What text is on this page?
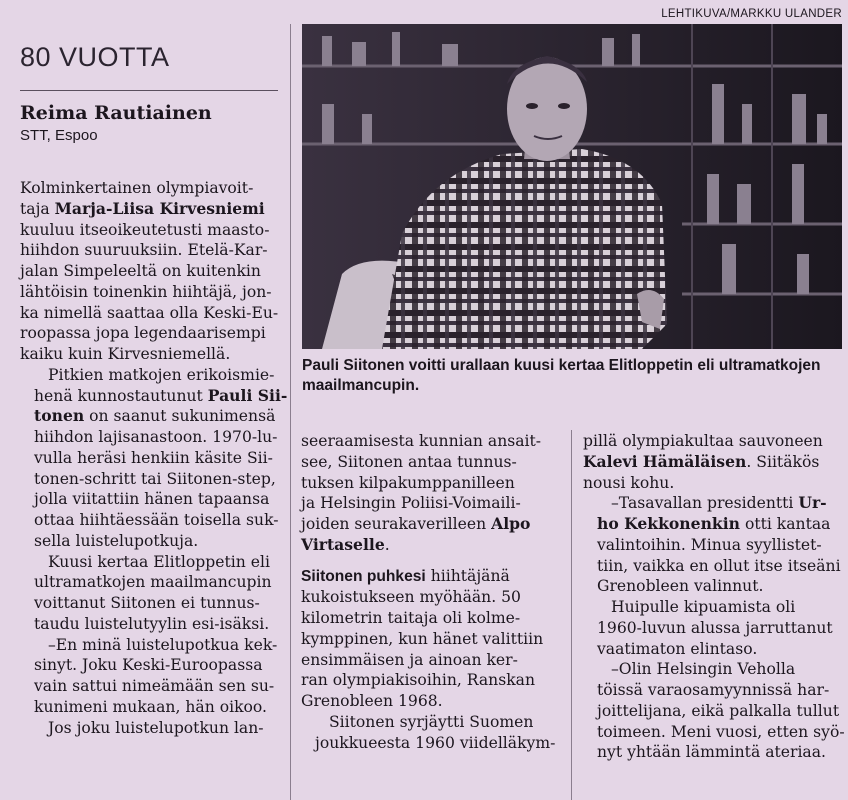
80 VUOTTA
Reima Rautiainen
STT, Espoo
LEHTIKUVA/MARKKU ULANDER
Pauli Siitonen voitti urallaan kuusi kertaa Elitloppetin eli ultramatkojen maailmancupin.

Kolminkertainen olympiavoit-
taja Marja-Liisa Kirvesniemi
kuuluu itseoikeutetusti maasto-
hiihdon suuruuksiin. Etelä-Kar-
jalan Simpeleeltä on kuitenkin
lähtöisin toinenkin hiihtäjä, jon-
ka nimellä saattaa olla Keski-Eu-
roopassa jopa legendaarisempi
kaiku kuin Kirvesniemellä.

Pitkien matkojen erikoismie-
henä kunnostautunut Pauli Sii-
tonen on saanut sukunimensä
hiihdon lajisanastoon. 1970-lu-
vulla heräsi henkiin käsite Sii-
tonen-schritt tai Siitonen-step,
jolla viitattiin hänen tapaansa
ottaa hiihtäessään toisella suk-
sella luistelupotkuja.

Kuusi kertaa Elitloppetin eli
ultramatkojen maailmancupin
voittanut Siitonen ei tunnus-
taudu luistelutyylin esi-isäksi.

–En minä luistelupotkua kek-
sinyt. Joku Keski-Euroopassa
vain sattui nimeämään sen su-
kunimeni mukaan, hän oikoo.

Jos joku luistelupotkun lan-

seeraamisesta kunnian ansait-
see, Siitonen antaa tunnus-
tuksen kilpakumppanilleen
ja Helsingin Poliisi-Voimaili-
joiden seurakaverilleen Alpo
Virtaselle.

Siitonen puhkesi hiihtäjänä
kukoistukseen myöhään. 50
kilometrin taitaja oli kolme-
kymppinen, kun hänet valittiin
ensimmäisen ja ainoan ker-
ran olympiakisoihin, Ranskan
Grenobleen 1968.

Siitonen syrjäytti Suomen
joukkueesta 1960 viidelläkym-

pillä olympiakultaa sauvoneen
Kalevi Hämäläisen. Siitäkös
nousi kohu.

–Tasavallan presidentti Ur-
ho Kekkonenkin otti kantaa
valintoihin. Minua syyllistet-
tiin, vaikka en ollut itse itseäni
Grenobleen valinnut.

Huipulle kipuamista oli
1960-luvun alussa jarruttanut
vaatimaton elintaso.

–Olin Helsingin Veholla
töissä varaosamyynnissä har-
joittelijana, eikä palkalla tullut
toimeen. Meni vuosi, etten syö-
nyt yhtään lämmintä ateriaa.
